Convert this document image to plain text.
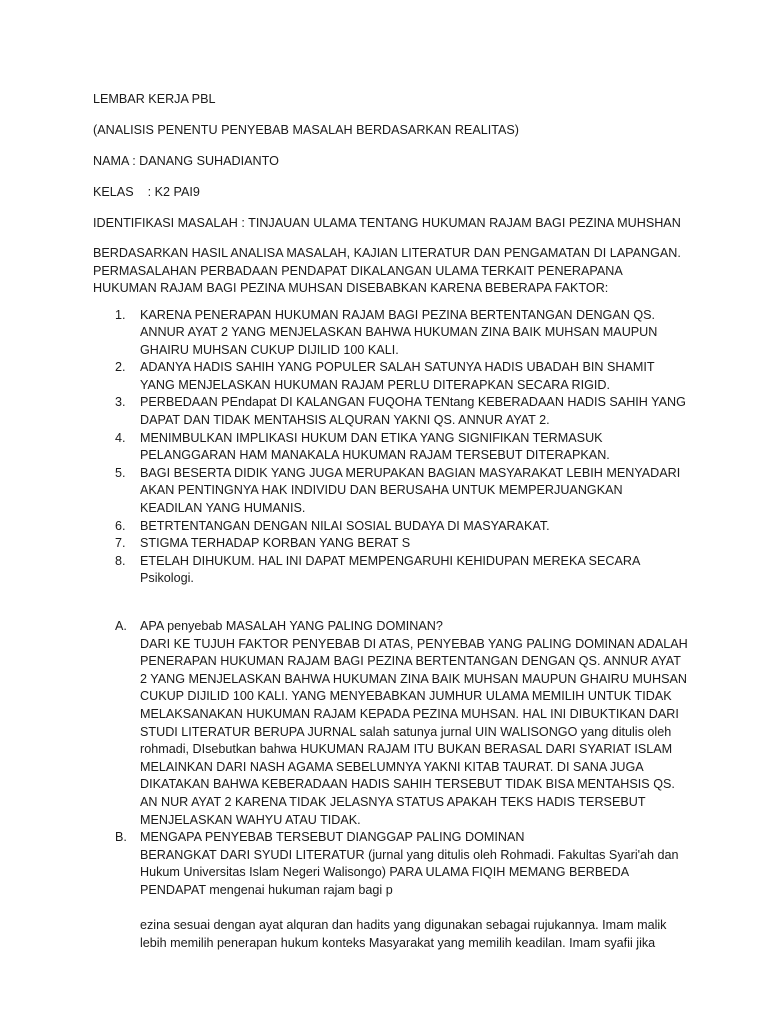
LEMBAR KERJA PBL
(ANALISIS PENENTU PENYEBAB MASALAH BERDASARKAN REALITAS)
NAMA : DANANG SUHADIANTO
KELAS    : K2 PAI9
IDENTIFIKASI MASALAH : TINJAUAN ULAMA TENTANG HUKUMAN RAJAM BAGI PEZINA MUHSHAN

BERDASARKAN HASIL ANALISA MASALAH, KAJIAN LITERATUR DAN PENGAMATAN DI LAPANGAN. PERMASALAHAN PERBADAAN PENDAPAT DIKALANGAN ULAMA TERKAIT PENERAPANA HUKUMAN RAJAM BAGI PEZINA MUHSAN DISEBABKAN KARENA BEBERAPA FAKTOR:

1. KARENA PENERAPAN HUKUMAN RAJAM BAGI PEZINA BERTENTANGAN DENGAN QS. ANNUR AYAT 2 YANG MENJELASKAN BAHWA HUKUMAN ZINA BAIK MUHSAN MAUPUN GHAIRU MUHSAN CUKUP DIJILID 100 KALI.
2. ADANYA HADIS SAHIH YANG POPULER SALAH SATUNYA HADIS UBADAH BIN SHAMIT YANG MENJELASKAN HUKUMAN RAJAM PERLU DITERAPKAN SECARA RIGID.
3. PERBEDAAN PEndapat DI KALANGAN FUQOHA TENtang KEBERADAAN HADIS SAHIH YANG DAPAT DAN TIDAK MENTAHSIS ALQURAN YAKNI QS. ANNUR AYAT 2.
4. MENIMBULKAN IMPLIKASI HUKUM DAN ETIKA YANG SIGNIFIKAN TERMASUK PELANGGARAN HAM MANAKALA HUKUMAN RAJAM TERSEBUT DITERAPKAN.
5. BAGI BESERTA DIDIK YANG JUGA MERUPAKAN BAGIAN MASYARAKAT LEBIH MENYADARI AKAN PENTINGNYA HAK INDIVIDU DAN BERUSAHA UNTUK MEMPERJUANGKAN KEADILAN YANG HUMANIS.
6. BETRTENTANGAN DENGAN NILAI SOSIAL BUDAYA DI MASYARAKAT.
7. STIGMA TERHADAP KORBAN YANG BERAT S
8. ETELAH DIHUKUM. HAL INI DAPAT MEMPENGARUHI KEHIDUPAN MEREKA SECARA Psikologi.
A. APA penyebab MASALAH YANG PALING DOMINAN?
DARI KE TUJUH FAKTOR PENYEBAB DI ATAS, PENYEBAB YANG PALING DOMINAN ADALAH PENERAPAN HUKUMAN RAJAM BAGI PEZINA BERTENTANGAN DENGAN QS. ANNUR AYAT 2 YANG MENJELASKAN BAHWA HUKUMAN ZINA BAIK MUHSAN MAUPUN GHAIRU MUHSAN CUKUP DIJILID 100 KALI. YANG MENYEBABKAN JUMHUR ULAMA MEMILIH UNTUK TIDAK MELAKSANAKAN HUKUMAN RAJAM KEPADA PEZINA MUHSAN. HAL INI DIBUKTIKAN DARI STUDI LITERATUR BERUPA JURNAL salah satunya jurnal UIN WALISONGO yang ditulis oleh rohmadi, DIsebutkan bahwa HUKUMAN RAJAM ITU BUKAN BERASAL DARI SYARIAT ISLAM MELAINKAN DARI NASH AGAMA SEBELUMNYA YAKNI KITAB TAURAT. DI SANA JUGA DIKATAKAN BAHWA KEBERADAAN HADIS SAHIH TERSEBUT TIDAK BISA MENTAHSIS QS. AN NUR AYAT 2 KARENA TIDAK JELASNYA STATUS APAKAH TEKS HADIS TERSEBUT MENJELASKAN WAHYU ATAU TIDAK.
B. MENGAPA PENYEBAB TERSEBUT DIANGGAP PALING DOMINAN
BERANGKAT DARI SYUDI LITERATUR (jurnal yang ditulis oleh Rohmadi. Fakultas Syari'ah dan Hukum Universitas Islam Negeri Walisongo) PARA ULAMA FIQIH MEMANG BERBEDA PENDAPAT mengenai hukuman rajam bagi p
ezina sesuai dengan ayat alquran dan hadits yang digunakan sebagai rujukannya. Imam malik lebih memilih penerapan hukum konteks Masyarakat yang memilih keadilan. Imam syafii jika
